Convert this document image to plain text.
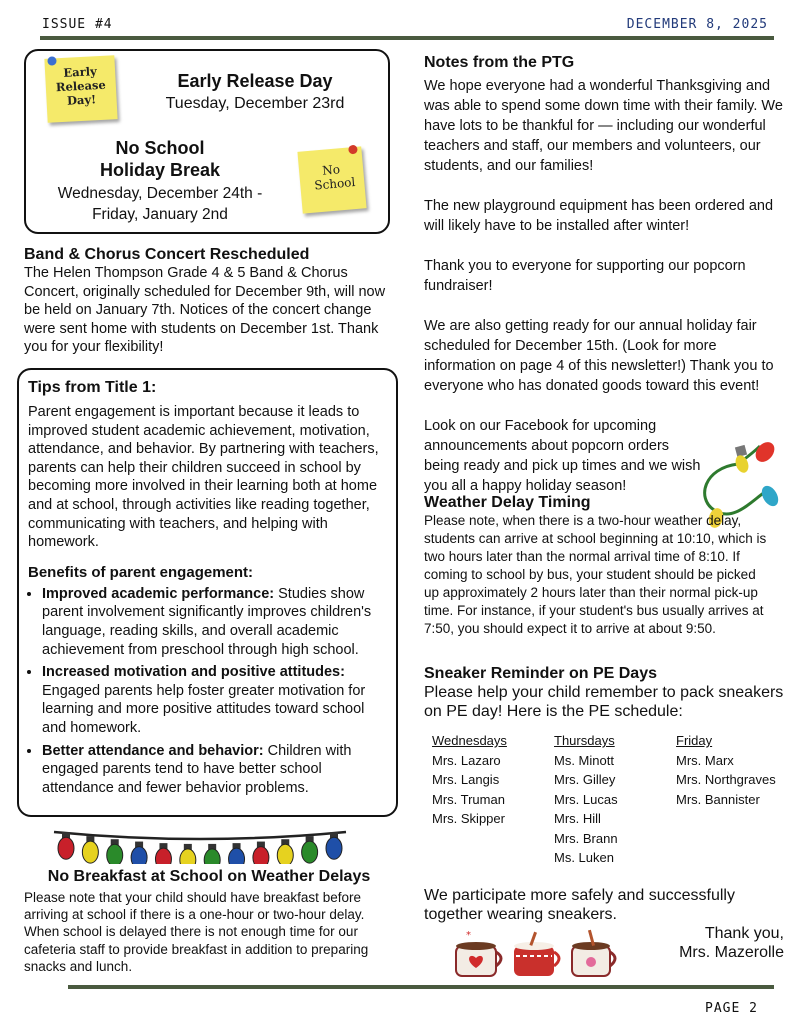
ISSUE #4	DECEMBER 8, 2025
Early Release Day!
Early Release Day
Tuesday, December 23rd
No School
Holiday Break
Wednesday, December 24th -
Friday, January 2nd
No School

Band & Chorus Concert Rescheduled

The Helen Thompson Grade 4 & 5 Band & Chorus Concert, originally scheduled for December 9th, will now be held on January 7th. Notices of the concert change were sent home with students on December 1st. Thank you for your flexibility!

Tips from Title 1:

Parent engagement is important because it leads to improved student academic achievement, motivation, attendance, and behavior. By partnering with teachers, parents can help their children succeed in school by becoming more involved in their learning both at home and at school, through activities like reading together, communicating with teachers, and helping with homework.

Benefits of parent engagement:

• Improved academic performance: Studies show parent involvement significantly improves children's language, reading skills, and overall academic achievement from preschool through high school.
• Increased motivation and positive attitudes: Engaged parents help foster greater motivation for learning and more positive attitudes toward school and homework.
• Better attendance and behavior: Children with engaged parents tend to have better school attendance and fewer behavior problems.

No Breakfast at School on Weather Delays

Please note that your child should have breakfast before arriving at school if there is a one-hour or two-hour delay. When school is delayed there is not enough time for our cafeteria staff to provide breakfast in addition to preparing snacks and lunch.

Notes from the PTG

We hope everyone had a wonderful Thanksgiving and was able to spend some down time with their family. We have lots to be thankful for — including our wonderful teachers and staff, our members and volunteers, our students, and our families!

The new playground equipment has been ordered and will likely have to be installed after winter!

Thank you to everyone for supporting our popcorn fundraiser!

We are also getting ready for our annual holiday fair scheduled for December 15th. (Look for more information on page 4 of this newsletter!) Thank you to everyone who has donated goods toward this event!

Look on our Facebook for upcoming announcements about popcorn orders being ready and pick up times and we wish you all a happy holiday season!

Weather Delay Timing

Please note, when there is a two-hour weather delay, students can arrive at school beginning at 10:10, which is two hours later than the normal arrival time of 8:10. If coming to school by bus, your student should be picked up approximately 2 hours later than their normal pick-up time. For instance, if your student's bus usually arrives at 7:50, you should expect it to arrive at about 9:50.

Sneaker Reminder on PE Days

Please help your child remember to pack sneakers on PE day! Here is the PE schedule:

Wednesdays
Mrs. Lazaro
Mrs. Langis
Mrs. Truman
Mrs. Skipper
Thursdays
Ms. Minott
Mrs. Gilley
Mrs. Lucas
Mrs. Hill
Mrs. Brann
Ms. Luken
Friday
Mrs. Marx
Mrs. Northgraves
Mrs. Bannister

We participate more safely and successfully together wearing sneakers.

Thank you,
Mrs. Mazerolle
*
PAGE 2
